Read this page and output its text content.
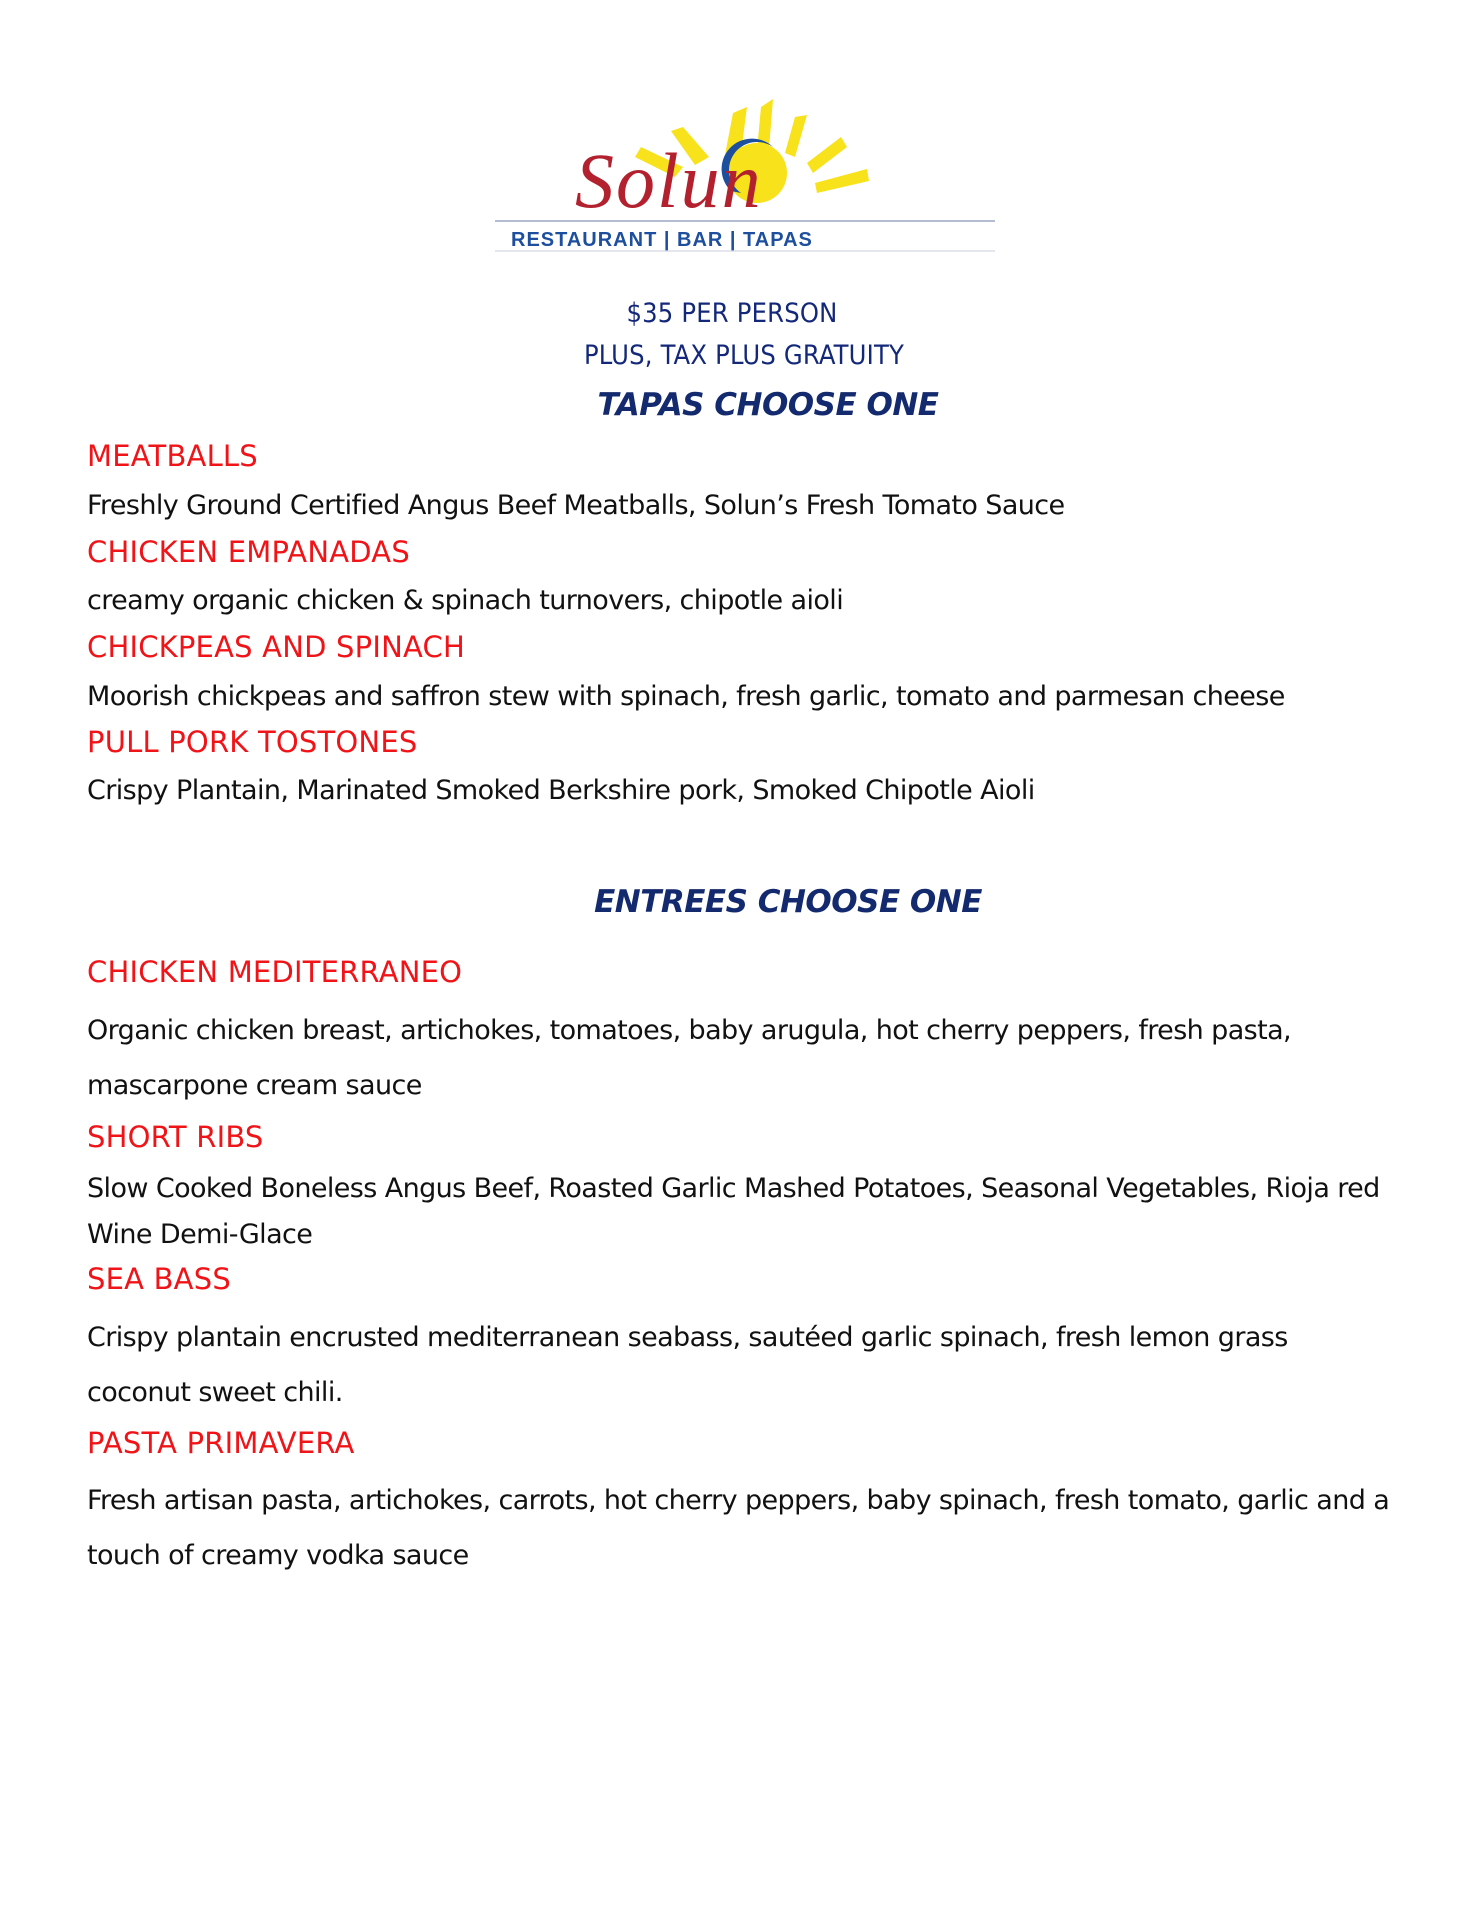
Solun
RESTAURANT | BAR | TAPAS
$35 PER PERSON
PLUS, TAX PLUS GRATUITY
TAPAS CHOOSE ONE
MEATBALLS
Freshly Ground Certified Angus Beef Meatballs, Solun’s Fresh Tomato Sauce
CHICKEN EMPANADAS
creamy organic chicken & spinach turnovers, chipotle aioli
CHICKPEAS AND SPINACH
Moorish chickpeas and saffron stew with spinach, fresh garlic, tomato and parmesan cheese
PULL PORK TOSTONES
Crispy Plantain, Marinated Smoked Berkshire pork, Smoked Chipotle Aioli
ENTREES CHOOSE ONE
CHICKEN MEDITERRANEO
Organic chicken breast, artichokes, tomatoes, baby arugula, hot cherry peppers, fresh pasta, mascarpone cream sauce
SHORT RIBS
Slow Cooked Boneless Angus Beef, Roasted Garlic Mashed Potatoes, Seasonal Vegetables, Rioja red Wine Demi-Glace
SEA BASS
Crispy plantain encrusted mediterranean seabass, sautéed garlic spinach, fresh lemon grass coconut sweet chili.
PASTA PRIMAVERA
Fresh artisan pasta, artichokes, carrots, hot cherry peppers, baby spinach, fresh tomato, garlic and a touch of creamy vodka sauce
